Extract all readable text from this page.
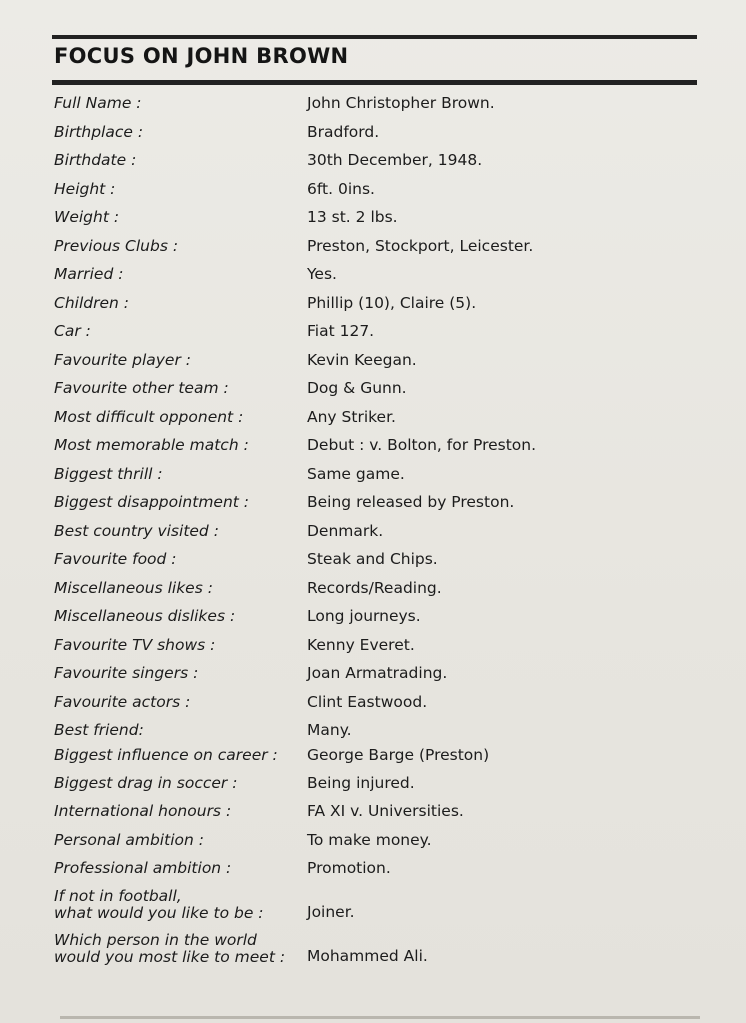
FOCUS ON JOHN BROWN
Full Name :	John Christopher Brown.
Birthplace :	Bradford.
Birthdate :	30th December, 1948.
Height :	6ft. 0ins.
Weight :	13 st. 2 lbs.
Previous Clubs :	Preston, Stockport, Leicester.
Married :	Yes.
Children :	Phillip (10), Claire (5).
Car :	Fiat 127.
Favourite player :	Kevin Keegan.
Favourite other team :	Dog & Gunn.
Most difficult opponent :	Any Striker.
Most memorable match :	Debut : v. Bolton, for Preston.
Biggest thrill :	Same game.
Biggest disappointment :	Being released by Preston.
Best country visited :	Denmark.
Favourite food :	Steak and Chips.
Miscellaneous likes :	Records/Reading.
Miscellaneous dislikes :	Long journeys.
Favourite TV shows :	Kenny Everet.
Favourite singers :	Joan Armatrading.
Favourite actors :	Clint Eastwood.
Best friend:	Many.
Biggest influence on career : George Barge (Preston)
Biggest drag in soccer :	Being injured.
International honours :	FA XI v. Universities.
Personal ambition :	To make money.
Professional ambition :	Promotion.
If not in football,
what would you like to be :	Joiner.
Which person in the world
would you most like to meet :	Mohammed Ali.
